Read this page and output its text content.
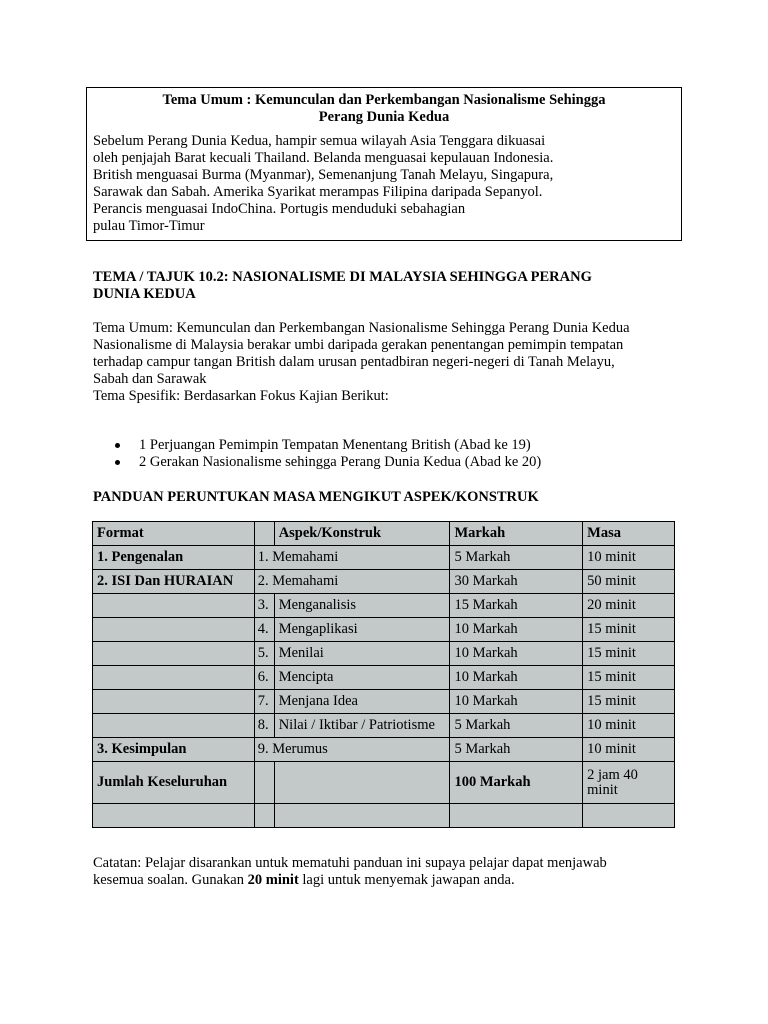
Tema Umum : Kemunculan dan Perkembangan Nasionalisme Sehingga
Perang Dunia Kedua
Sebelum Perang Dunia Kedua, hampir semua wilayah Asia Tenggara dikuasai
oleh penjajah Barat kecuali Thailand. Belanda menguasai kepulauan Indonesia.
British menguasai Burma (Myanmar), Semenanjung Tanah Melayu, Singapura,
Sarawak dan Sabah. Amerika Syarikat merampas Filipina daripada Sepanyol.
Perancis menguasai IndoChina. Portugis menduduki sebahagian
pulau Timor-Timur
TEMA / TAJUK 10.2: NASIONALISME DI MALAYSIA SEHINGGA PERANG
DUNIA KEDUA
Tema Umum: Kemunculan dan Perkembangan Nasionalisme Sehingga Perang Dunia Kedua
Nasionalisme di Malaysia berakar umbi daripada gerakan penentangan pemimpin tempatan
terhadap campur tangan British dalam urusan pentadbiran negeri-negeri di Tanah Melayu,
Sabah dan Sarawak
Tema Spesifik: Berdasarkan Fokus Kajian Berikut:
1 Perjuangan Pemimpin Tempatan Menentang British (Abad ke 19)
2 Gerakan Nasionalisme sehingga Perang Dunia Kedua (Abad ke 20)
PANDUAN PERUNTUKAN MASA MENGIKUT ASPEK/KONSTRUK
Format		Aspek/Konstruk	Markah	Masa
1. Pengenalan	1. Memahami		5 Markah	10 minit
2. ISI Dan HURAIAN	2. Memahami		30 Markah	50 minit
	3.	Menganalisis	15 Markah	20 minit
	4.	Mengaplikasi	10 Markah	15 minit
	5.	Menilai	10 Markah	15 minit
	6.	Mencipta	10 Markah	15 minit
	7.	Menjana Idea	10 Markah	15 minit
	8.	Nilai / Iktibar / Patriotisme	5 Markah	10 minit
3. Kesimpulan	9. Merumus		5 Markah	10 minit
Jumlah Keseluruhan			100 Markah	2 jam 40 minit

Catatan: Pelajar disarankan untuk mematuhi panduan ini supaya pelajar dapat menjawab
kesemua soalan. Gunakan 20 minit lagi untuk menyemak jawapan anda.
